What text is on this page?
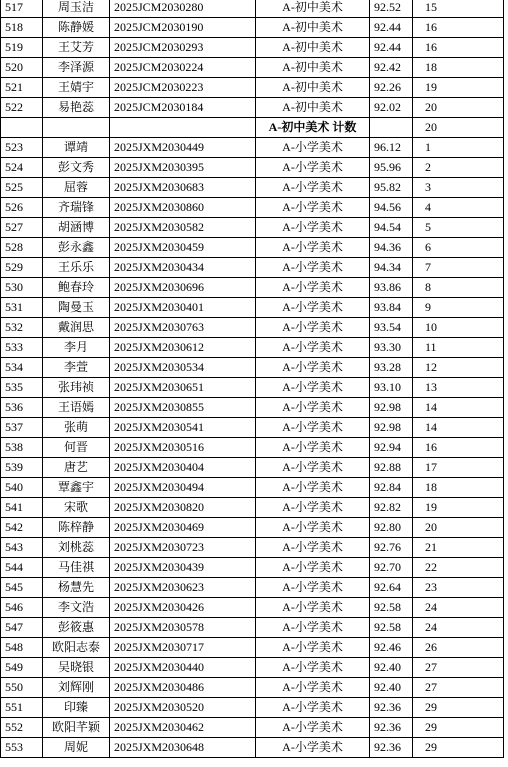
517	周玉洁	2025JCM2030280	A-初中美术	92.52	15
518	陈静媛	2025JCM2030190	A-初中美术	92.44	16
519	王艾芳	2025JCM2030293	A-初中美术	92.44	16
520	李泽源	2025JCM2030224	A-初中美术	92.42	18
521	王婧宇	2025JCM2030223	A-初中美术	92.26	19
522	易艳蕊	2025JCM2030184	A-初中美术	92.02	20
			A-初中美术 计数		20
523	谭靖	2025JXM2030449	A-小学美术	96.12	1
524	彭文秀	2025JXM2030395	A-小学美术	95.96	2
525	屈蓉	2025JXM2030683	A-小学美术	95.82	3
526	齐瑞锋	2025JXM2030860	A-小学美术	94.56	4
527	胡涵博	2025JXM2030582	A-小学美术	94.54	5
528	彭永鑫	2025JXM2030459	A-小学美术	94.36	6
529	王乐乐	2025JXM2030434	A-小学美术	94.34	7
530	鲍春玲	2025JXM2030696	A-小学美术	93.86	8
531	陶曼玉	2025JXM2030401	A-小学美术	93.84	9
532	戴润思	2025JXM2030763	A-小学美术	93.54	10
533	李月	2025JXM2030612	A-小学美术	93.30	11
534	李萱	2025JXM2030534	A-小学美术	93.28	12
535	张玮祯	2025JXM2030651	A-小学美术	93.10	13
536	王语嫣	2025JXM2030855	A-小学美术	92.98	14
537	张萌	2025JXM2030541	A-小学美术	92.98	14
538	何晋	2025JXM2030516	A-小学美术	92.94	16
539	唐艺	2025JXM2030404	A-小学美术	92.88	17
540	覃鑫宇	2025JXM2030494	A-小学美术	92.84	18
541	宋歌	2025JXM2030820	A-小学美术	92.82	19
542	陈梓静	2025JXM2030469	A-小学美术	92.80	20
543	刘桃蕊	2025JXM2030723	A-小学美术	92.76	21
544	马佳祺	2025JXM2030439	A-小学美术	92.70	22
545	杨慧先	2025JXM2030623	A-小学美术	92.64	23
546	李文浩	2025JXM2030426	A-小学美术	92.58	24
547	彭筱惠	2025JXM2030578	A-小学美术	92.58	24
548	欧阳志泰	2025JXM2030717	A-小学美术	92.46	26
549	吴晓银	2025JXM2030440	A-小学美术	92.40	27
550	刘辉刚	2025JXM2030486	A-小学美术	92.40	27
551	印臻	2025JXM2030520	A-小学美术	92.36	29
552	欧阳芊颖	2025JXM2030462	A-小学美术	92.36	29
553	周妮	2025JXM2030648	A-小学美术	92.36	29
